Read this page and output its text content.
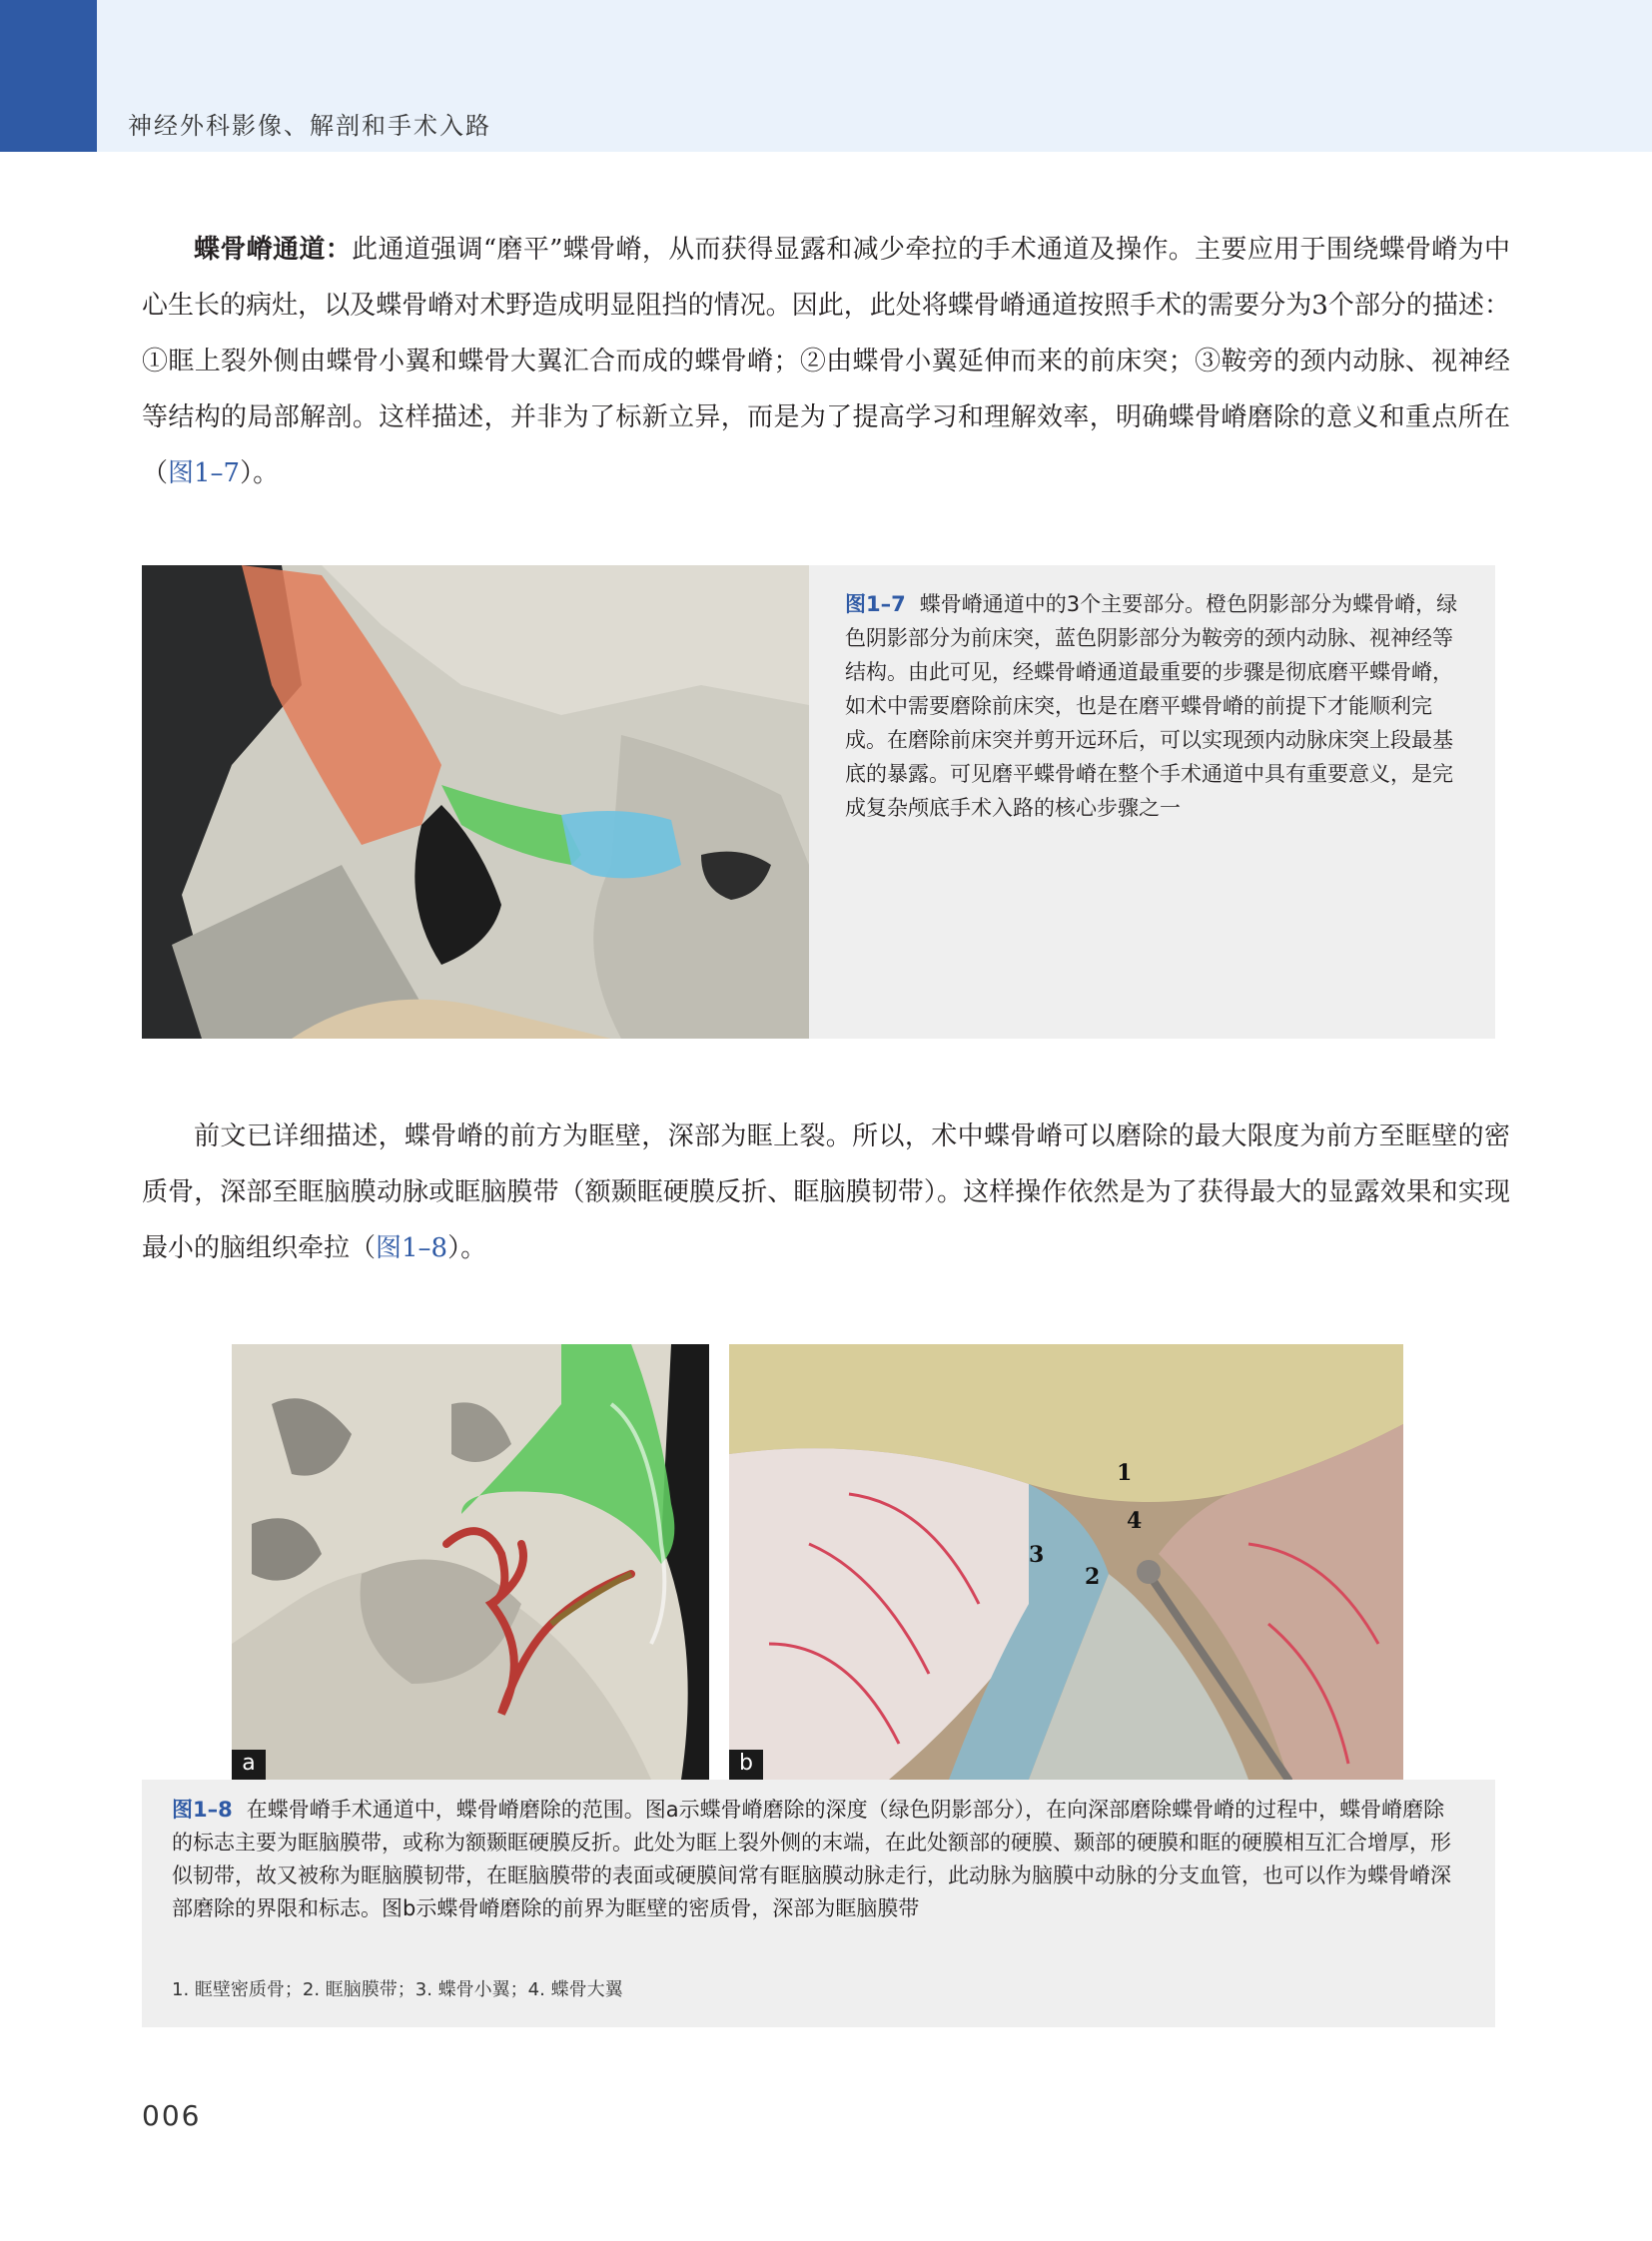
神经外科影像、解剖和手术入路

蝶骨嵴通道：此通道强调“磨平”蝶骨嵴，从而获得显露和减少牵拉的手术通道及操作。主要应用于围绕蝶骨嵴为中心生长的病灶，以及蝶骨嵴对术野造成明显阻挡的情况。因此，此处将蝶骨嵴通道按照手术的需要分为3个部分的描述：①眶上裂外侧由蝶骨小翼和蝶骨大翼汇合而成的蝶骨嵴；②由蝶骨小翼延伸而来的前床突；③鞍旁的颈内动脉、视神经等结构的局部解剖。这样描述，并非为了标新立异，而是为了提高学习和理解效率，明确蝶骨嵴磨除的意义和重点所在（图1–7）。

图1–7 蝶骨嵴通道中的3个主要部分。橙色阴影部分为蝶骨嵴，绿色阴影部分为前床突，蓝色阴影部分为鞍旁的颈内动脉、视神经等结构。由此可见，经蝶骨嵴通道最重要的步骤是彻底磨平蝶骨嵴，如术中需要磨除前床突，也是在磨平蝶骨嵴的前提下才能顺利完成。在磨除前床突并剪开远环后，可以实现颈内动脉床突上段最基底的暴露。可见磨平蝶骨嵴在整个手术通道中具有重要意义，是完成复杂颅底手术入路的核心步骤之一

前文已详细描述，蝶骨嵴的前方为眶壁，深部为眶上裂。所以，术中蝶骨嵴可以磨除的最大限度为前方至眶壁的密质骨，深部至眶脑膜动脉或眶脑膜带（额颞眶硬膜反折、眶脑膜韧带）。这样操作依然是为了获得最大的显露效果和实现最小的脑组织牵拉（图1–8）。

a
1
4
3
2
b

图1–8 在蝶骨嵴手术通道中，蝶骨嵴磨除的范围。图a示蝶骨嵴磨除的深度（绿色阴影部分），在向深部磨除蝶骨嵴的过程中，蝶骨嵴磨除的标志主要为眶脑膜带，或称为额颞眶硬膜反折。此处为眶上裂外侧的末端，在此处额部的硬膜、颞部的硬膜和眶的硬膜相互汇合增厚，形似韧带，故又被称为眶脑膜韧带，在眶脑膜带的表面或硬膜间常有眶脑膜动脉走行，此动脉为脑膜中动脉的分支血管，也可以作为蝶骨嵴深部磨除的界限和标志。图b示蝶骨嵴磨除的前界为眶壁的密质骨，深部为眶脑膜带

1. 眶壁密质骨；2. 眶脑膜带；3. 蝶骨小翼；4. 蝶骨大翼
006
